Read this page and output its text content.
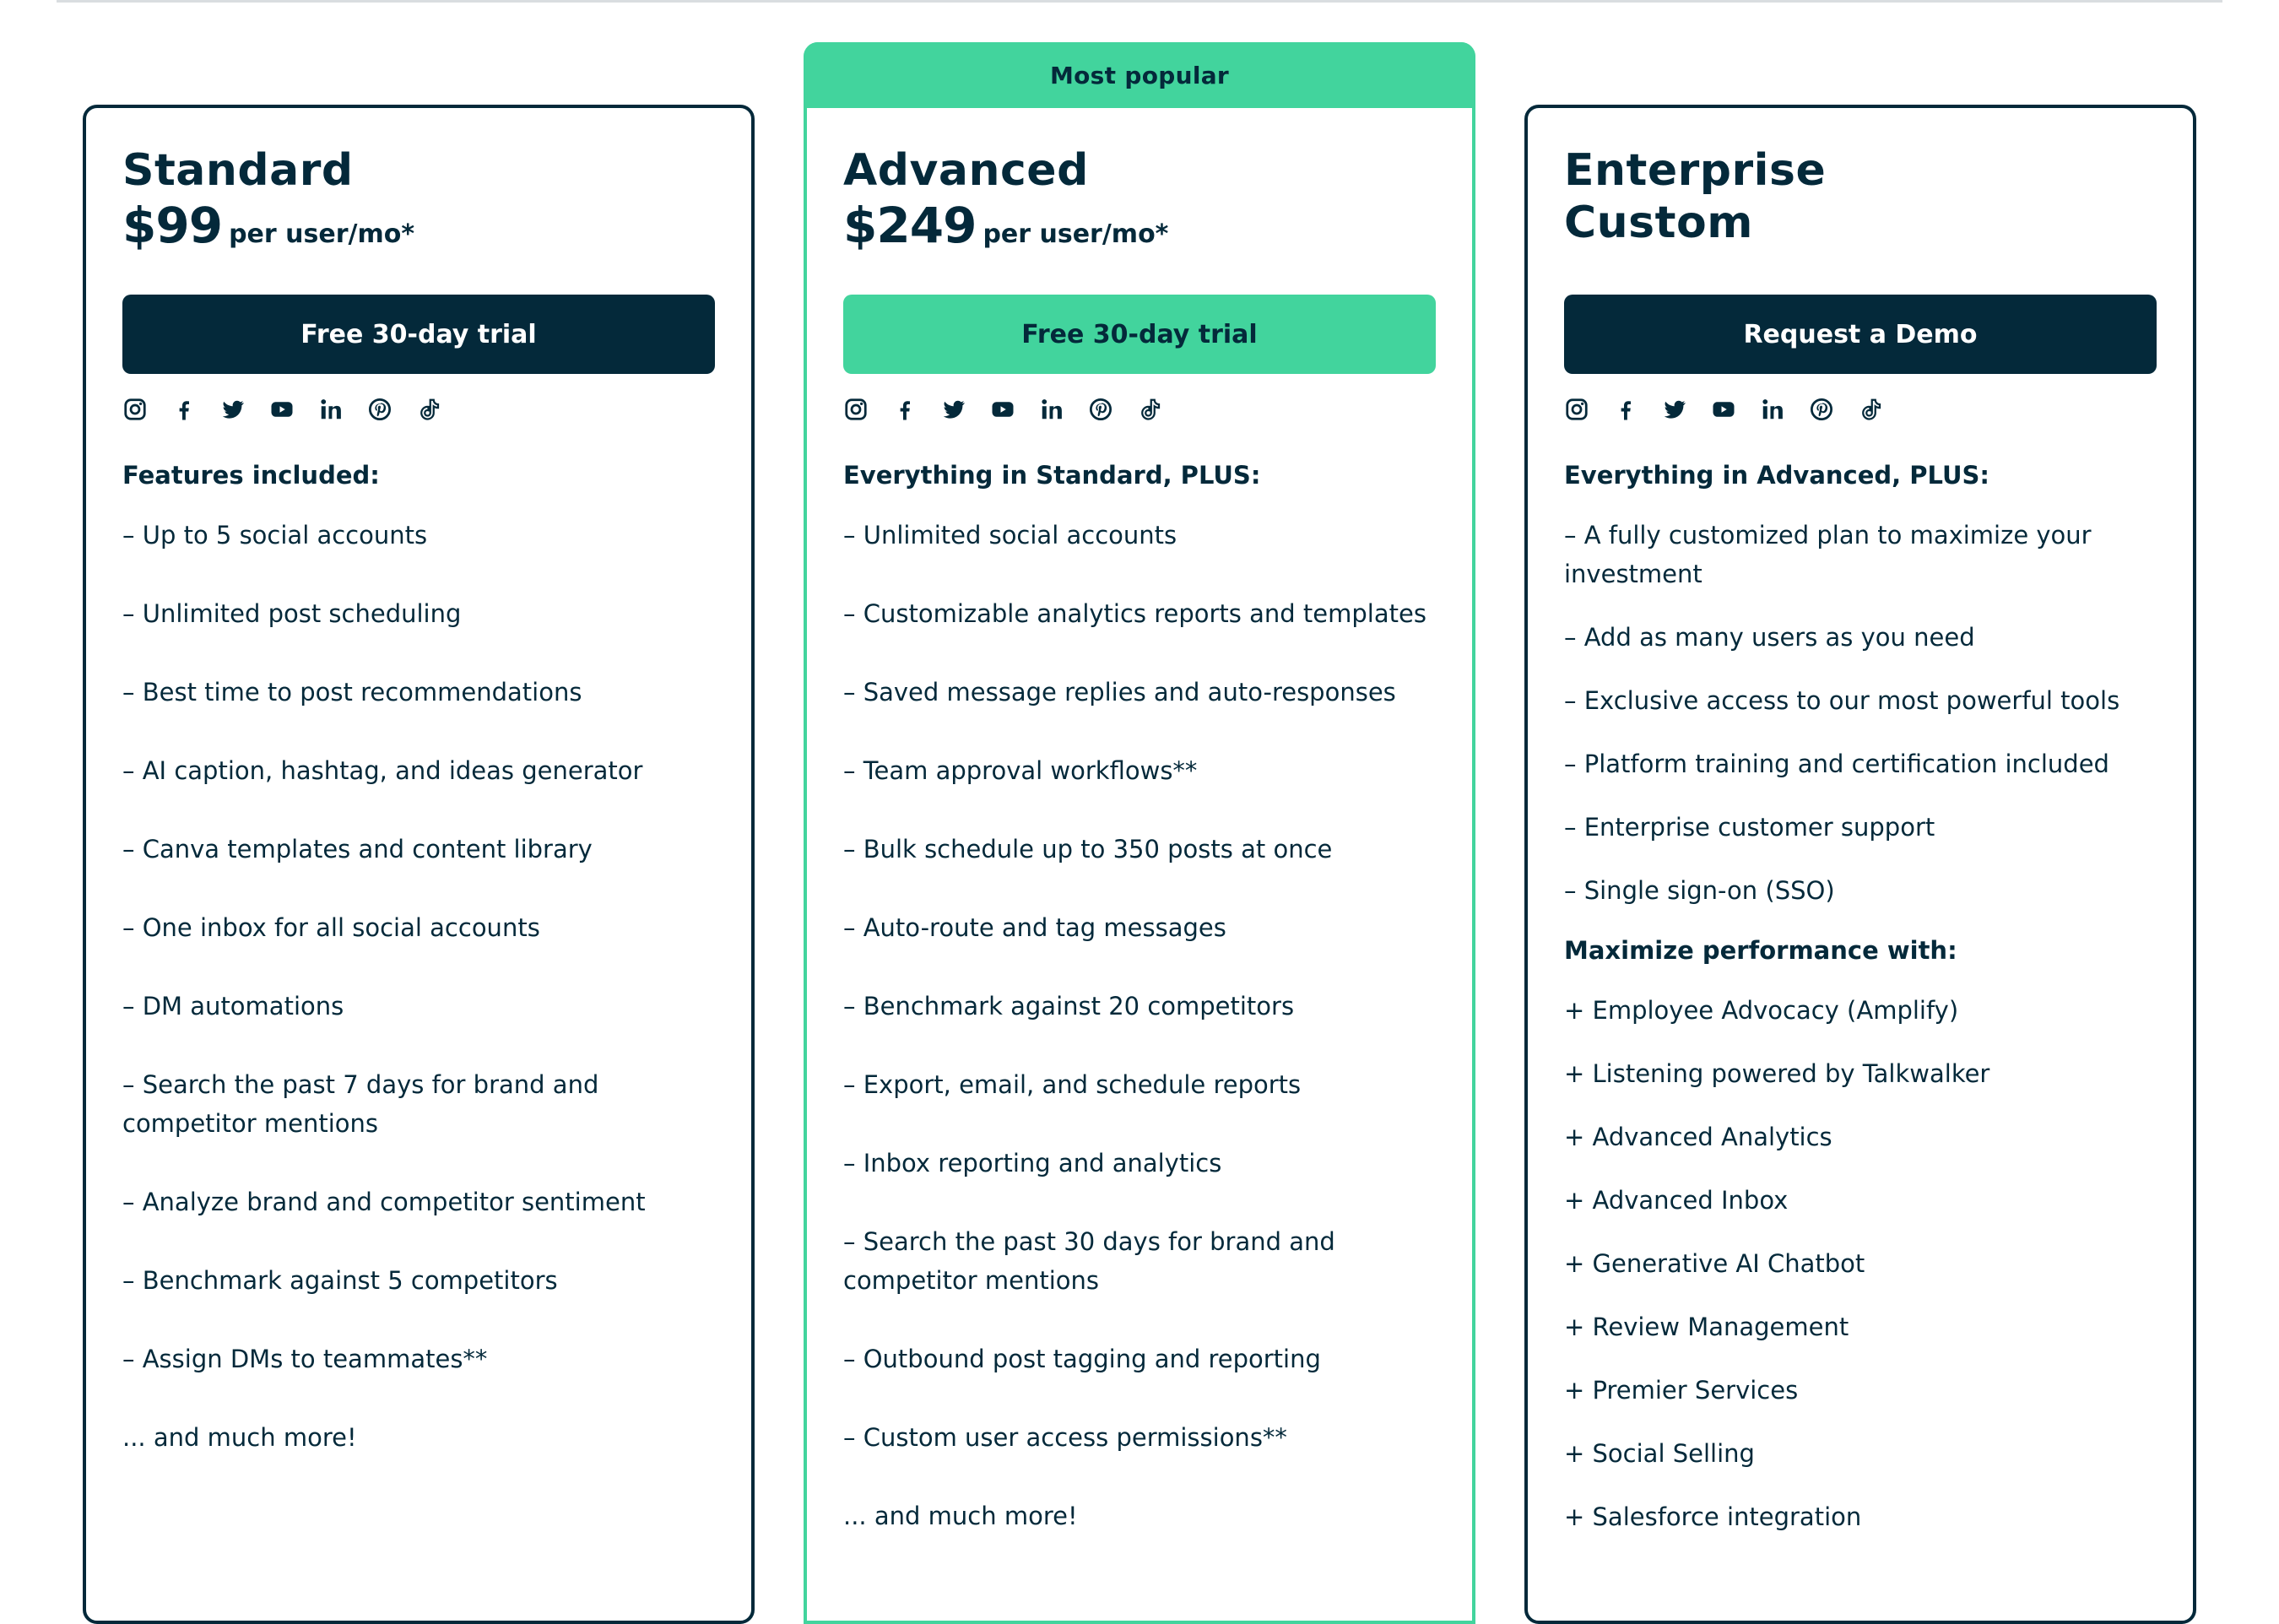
Standard
$99 per user/mo*
Free 30-day trial
Features included:
– Up to 5 social accounts
– Unlimited post scheduling
– Best time to post recommendations
– AI caption, hashtag, and ideas generator
– Canva templates and content library
– One inbox for all social accounts
– DM automations
– Search the past 7 days for brand and competitor mentions
– Analyze brand and competitor sentiment
– Benchmark against 5 competitors
– Assign DMs to teammates**
... and much more!
Most popular
Advanced
$249 per user/mo*
Free 30-day trial
Everything in Standard, PLUS:
– Unlimited social accounts
– Customizable analytics reports and templates
– Saved message replies and auto-responses
– Team approval workflows**
– Bulk schedule up to 350 posts at once
– Auto-route and tag messages
– Benchmark against 20 competitors
– Export, email, and schedule reports
– Inbox reporting and analytics
– Search the past 30 days for brand and competitor mentions
– Outbound post tagging and reporting
– Custom user access permissions**
... and much more!
Enterprise
Custom
Request a Demo
Everything in Advanced, PLUS:
– A fully customized plan to maximize your investment
– Add as many users as you need
– Exclusive access to our most powerful tools
– Platform training and certification included
– Enterprise customer support
– Single sign-on (SSO)
Maximize performance with:
+ Employee Advocacy (Amplify)
+ Listening powered by Talkwalker
+ Advanced Analytics
+ Advanced Inbox
+ Generative AI Chatbot
+ Review Management
+ Premier Services
+ Social Selling
+ Salesforce integration
